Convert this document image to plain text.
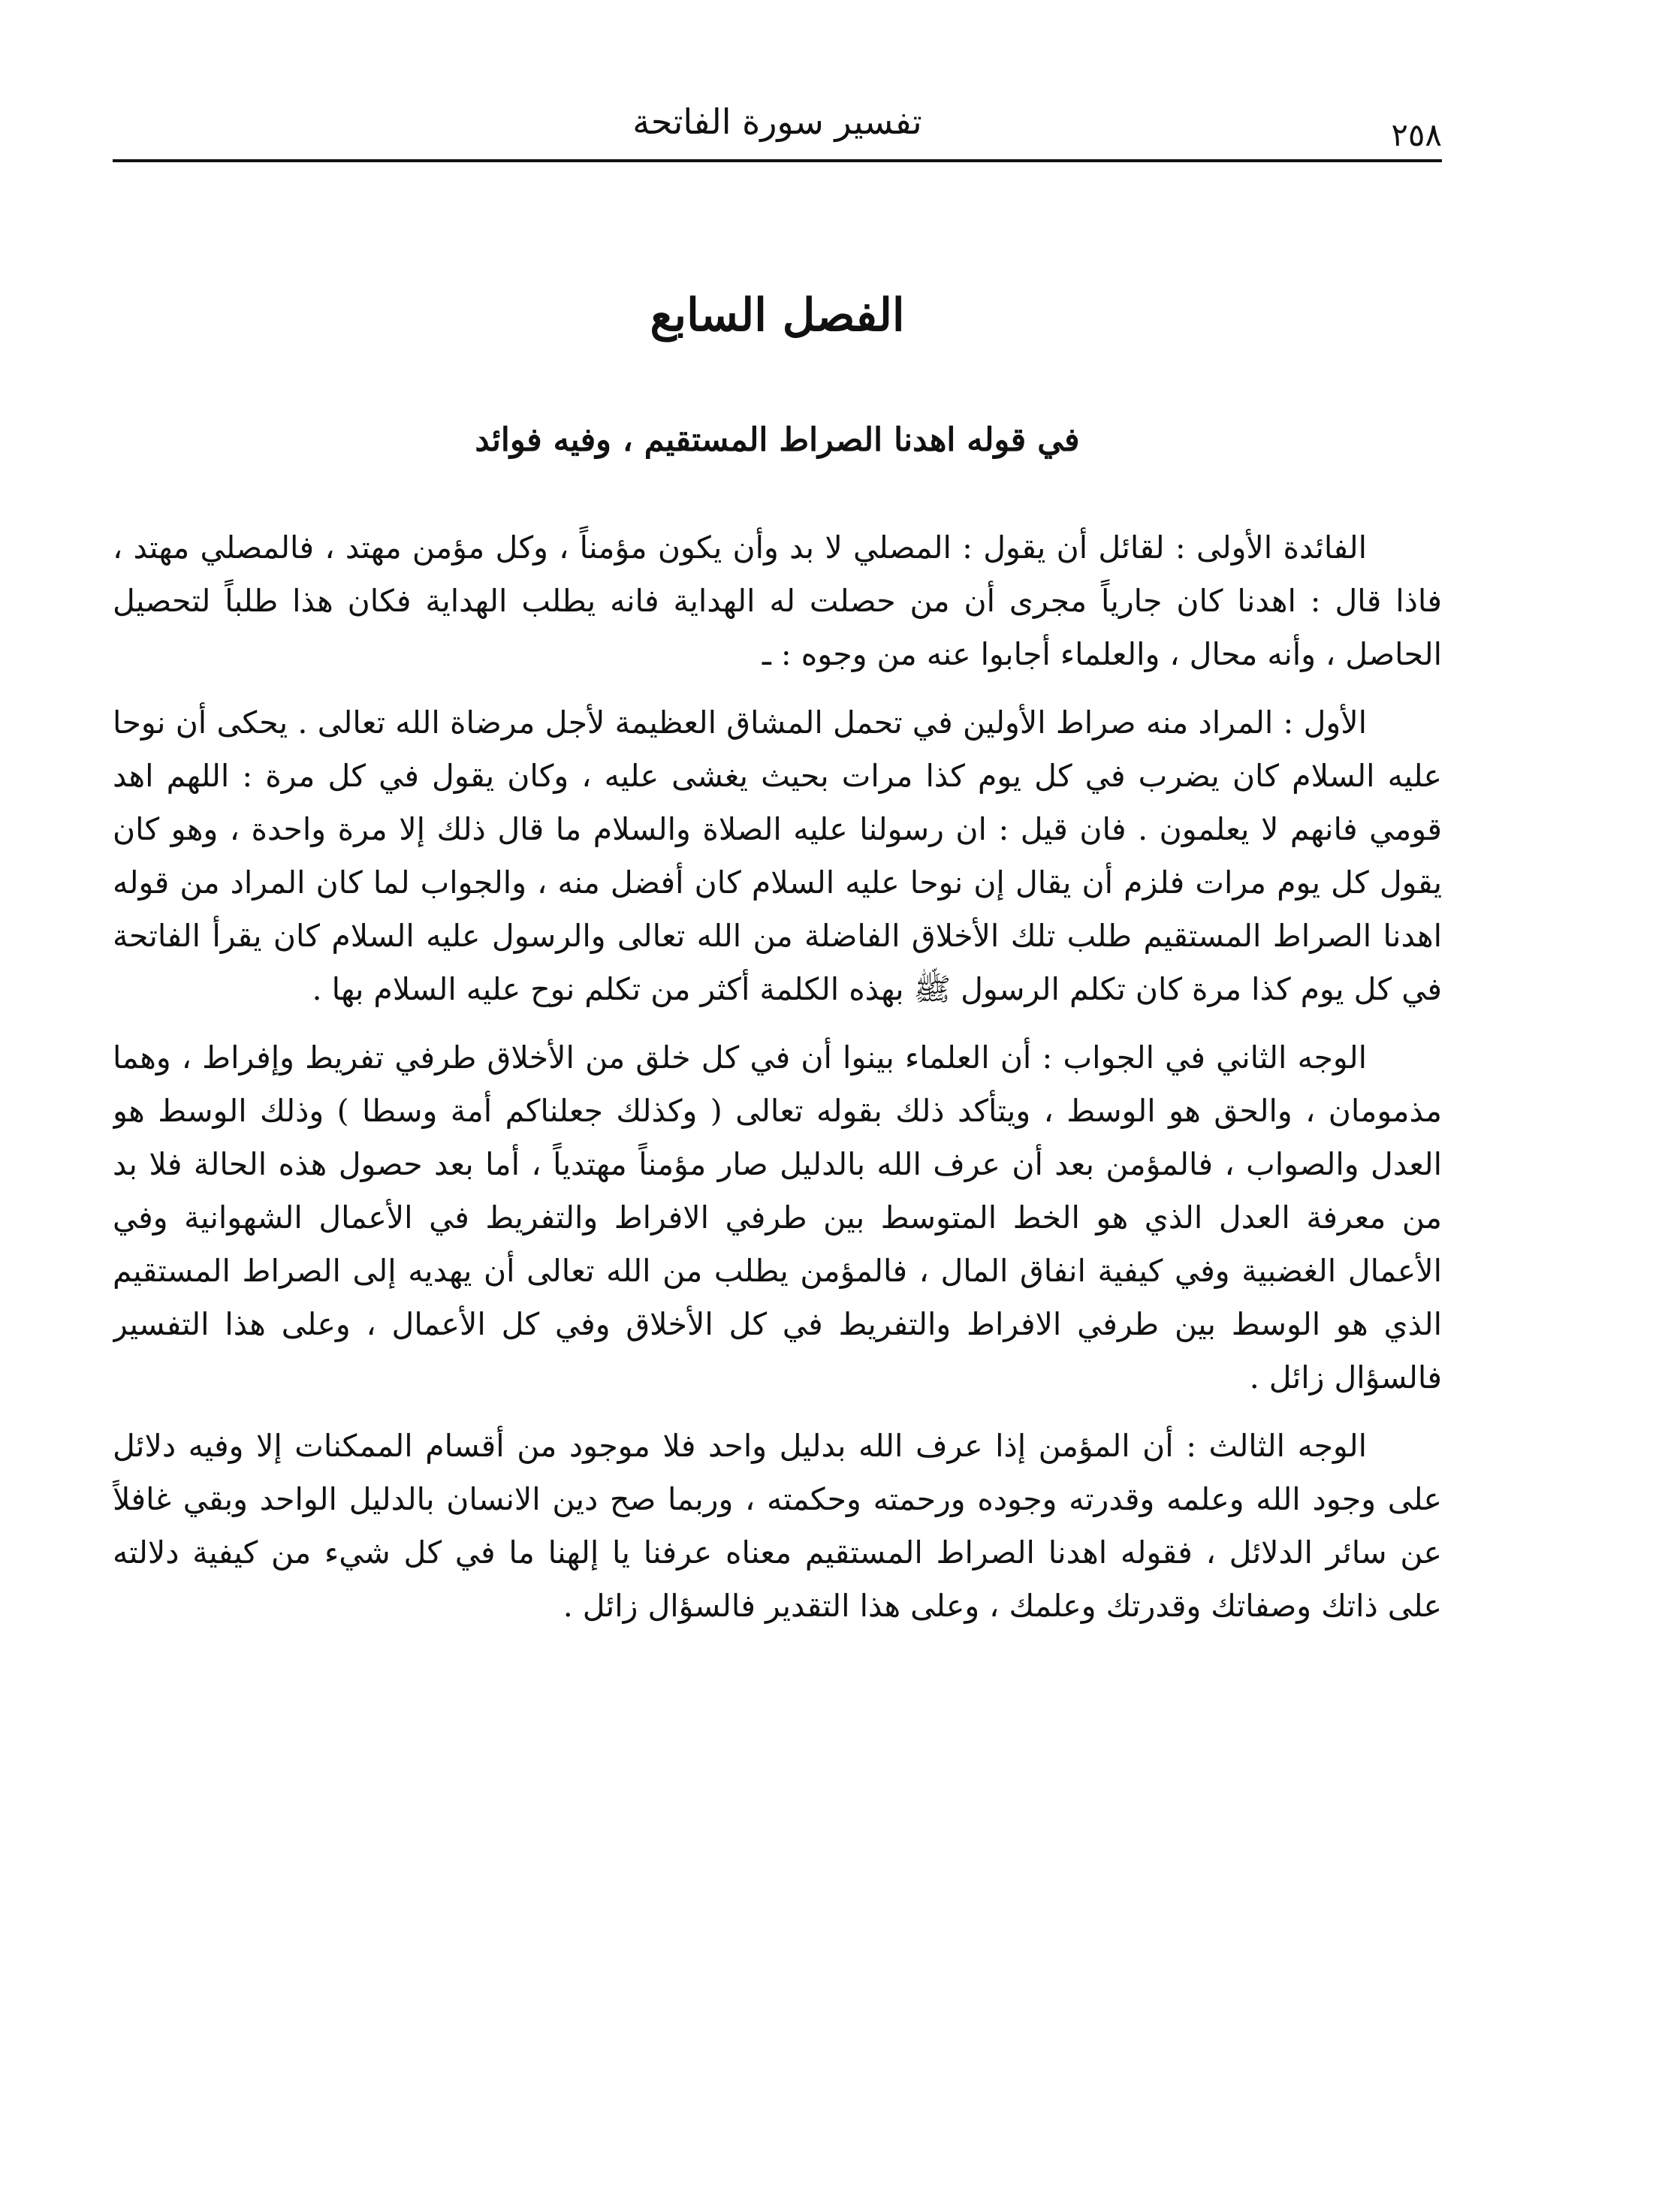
تفسير سورة الفاتحة	٢٥٨
الفصل السابع
في قوله اهدنا الصراط المستقيم ، وفيه فوائد

الفائدة الأولى : لقائل أن يقول : المصلي لا بد وأن يكون مؤمناً ، وكل مؤمن مهتد ، فالمصلي مهتد ، فاذا قال : اهدنا كان جارياً مجرى أن من حصلت له الهداية فانه يطلب الهداية فكان هذا طلباً لتحصيل الحاصل ، وأنه محال ، والعلماء أجابوا عنه من وجوه : ـ

الأول : المراد منه صراط الأولين في تحمل المشاق العظيمة لأجل مرضاة الله تعالى . يحكى أن نوحا عليه السلام كان يضرب في كل يوم كذا مرات بحيث يغشى عليه ، وكان يقول في كل مرة : اللهم اهد قومي فانهم لا يعلمون . فان قيل : ان رسولنا عليه الصلاة والسلام ما قال ذلك إلا مرة واحدة ، وهو كان يقول كل يوم مرات فلزم أن يقال إن نوحا عليه السلام كان أفضل منه ، والجواب لما كان المراد من قوله اهدنا الصراط المستقيم طلب تلك الأخلاق الفاضلة من الله تعالى والرسول عليه السلام كان يقرأ الفاتحة في كل يوم كذا مرة كان تكلم الرسول ﷺ بهذه الكلمة أكثر من تكلم نوح عليه السلام بها .

الوجه الثاني في الجواب : أن العلماء بينوا أن في كل خلق من الأخلاق طرفي تفريط وإفراط ، وهما مذمومان ، والحق هو الوسط ، ويتأكد ذلك بقوله تعالى ( وكذلك جعلناكم أمة وسطا ) وذلك الوسط هو العدل والصواب ، فالمؤمن بعد أن عرف الله بالدليل صار مؤمناً مهتدياً ، أما بعد حصول هذه الحالة فلا بد من معرفة العدل الذي هو الخط المتوسط بين طرفي الافراط والتفريط في الأعمال الشهوانية وفي الأعمال الغضبية وفي كيفية انفاق المال ، فالمؤمن يطلب من الله تعالى أن يهديه إلى الصراط المستقيم الذي هو الوسط بين طرفي الافراط والتفريط في كل الأخلاق وفي كل الأعمال ، وعلى هذا التفسير فالسؤال زائل .

الوجه الثالث : أن المؤمن إذا عرف الله بدليل واحد فلا موجود من أقسام الممكنات إلا وفيه دلائل على وجود الله وعلمه وقدرته وجوده ورحمته وحكمته ، وربما صح دين الانسان بالدليل الواحد وبقي غافلاً عن سائر الدلائل ، فقوله اهدنا الصراط المستقيم معناه عرفنا يا إلهنا ما في كل شيء من كيفية دلالته على ذاتك وصفاتك وقدرتك وعلمك ، وعلى هذا التقدير فالسؤال زائل .
